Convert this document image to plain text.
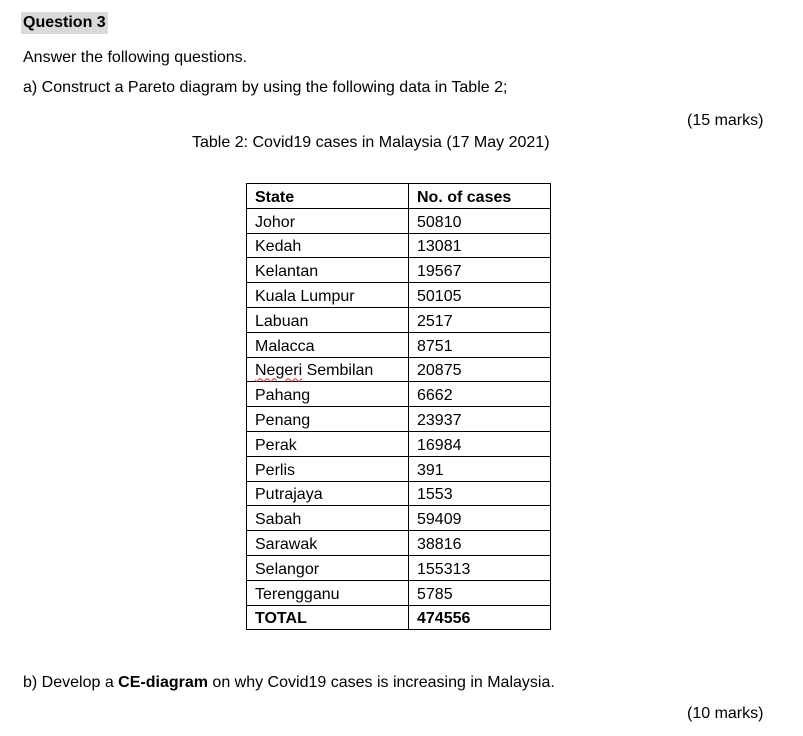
Question 3
Answer the following questions.
a) Construct a Pareto diagram by using the following data in Table 2;
(15 marks)
Table 2: Covid19 cases in Malaysia (17 May 2021)
State	No. of cases
Johor	50810
Kedah	13081
Kelantan	19567
Kuala Lumpur	50105
Labuan	2517
Malacca	8751
Negeri Sembilan	20875
Pahang	6662
Penang	23937
Perak	16984
Perlis	391
Putrajaya	1553
Sabah	59409
Sarawak	38816
Selangor	155313
Terengganu	5785
TOTAL	474556
b) Develop a CE-diagram on why Covid19 cases is increasing in Malaysia.
(10 marks)
